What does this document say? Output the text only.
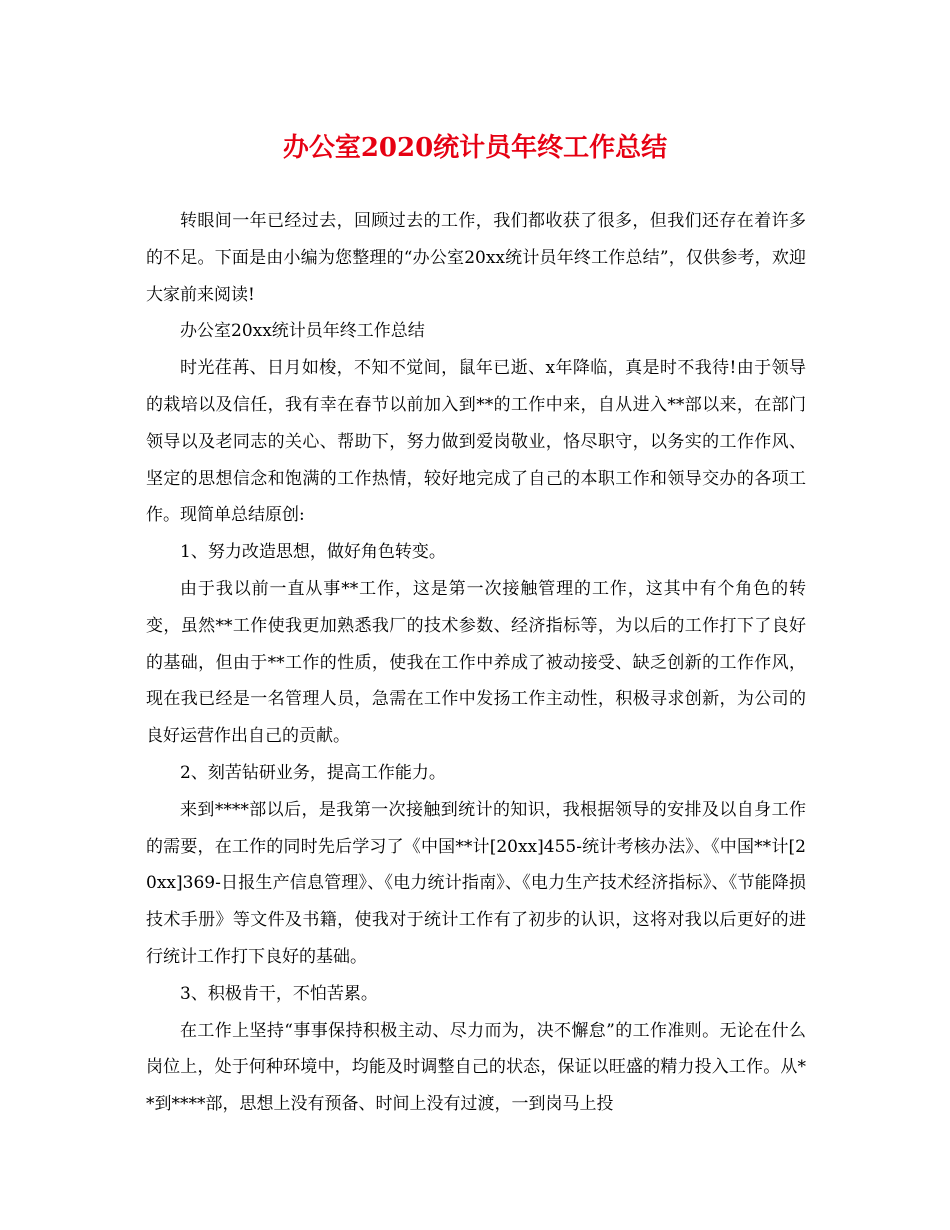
办公室2020统计员年终工作总结

转眼间一年已经过去，回顾过去的工作，我们都收获了很多，但我们还存在着许多的不足。下面是由小编为您整理的“办公室20xx统计员年终工作总结”，仅供参考，欢迎大家前来阅读!

办公室20xx统计员年终工作总结

时光荏苒、日月如梭，不知不觉间，鼠年已逝、x年降临，真是时不我待!由于领导的栽培以及信任，我有幸在春节以前加入到**的工作中来，自从进入**部以来，在部门领导以及老同志的关心、帮助下，努力做到爱岗敬业，恪尽职守，以务实的工作作风、坚定的思想信念和饱满的工作热情，较好地完成了自己的本职工作和领导交办的各项工作。现简单总结原创:

1、努力改造思想，做好角色转变。

由于我以前一直从事**工作，这是第一次接触管理的工作，这其中有个角色的转变，虽然**工作使我更加熟悉我厂的技术参数、经济指标等，为以后的工作打下了良好的基础，但由于**工作的性质，使我在工作中养成了被动接受、缺乏创新的工作作风，现在我已经是一名管理人员，急需在工作中发扬工作主动性，积极寻求创新，为公司的良好运营作出自己的贡献。

2、刻苦钻研业务，提高工作能力。

来到****部以后，是我第一次接触到统计的知识，我根据领导的安排及以自身工作的需要，在工作的同时先后学习了《中国**计[20xx]455-统计考核办法》、《中国**计[20xx]369-日报生产信息管理》、《电力统计指南》、《电力生产技术经济指标》、《节能降损技术手册》等文件及书籍，使我对于统计工作有了初步的认识，这将对我以后更好的进行统计工作打下良好的基础。

3、积极肯干，不怕苦累。

在工作上坚持“事事保持积极主动、尽力而为，决不懈怠”的工作准则。无论在什么岗位上，处于何种环境中，均能及时调整自己的状态，保证以旺盛的精力投入工作。从**到****部，思想上没有预备、时间上没有过渡，一到岗马上投
